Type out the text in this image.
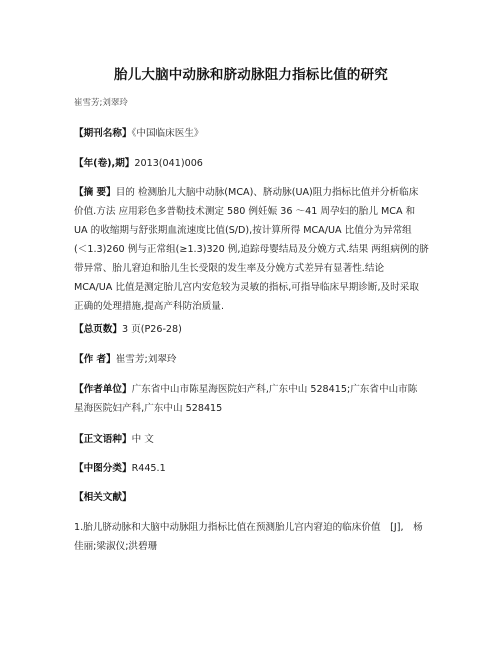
胎儿大脑中动脉和脐动脉阻力指标比值的研究
崔雪芳;刘翠玲
【期刊名称】《中国临床医生》
【年(卷),期】2013(041)006
【摘 要】目的 检测胎儿大脑中动脉(MCA)、脐动脉(UA)阻力指标比值并分析临床
价值.方法 应用彩色多普勒技术测定 580 例妊娠 36 ～41 周孕妇的胎儿 MCA 和
UA 的收缩期与舒张期血流速度比值(S/D),按计算所得 MCA/UA 比值分为异常组
(＜1.3)260 例与正常组(≥1.3)320 例,追踪母婴结局及分娩方式.结果 两组病例的脐
带异常、胎儿窘迫和胎儿生长受限的发生率及分娩方式差异有显著性.结论
MCA/UA 比值是测定胎儿宫内安危较为灵敏的指标,可指导临床早期诊断,及时采取
正确的处理措施,提高产科防治质量.
【总页数】3 页(P26-28)
【作 者】崔雪芳;刘翠玲
【作者单位】广东省中山市陈星海医院妇产科,广东中山 528415;广东省中山市陈
星海医院妇产科,广东中山 528415
【正文语种】中 文
【中图分类】R445.1
【相关文献】
1.胎儿脐动脉和大脑中动脉阻力指标比值在预测胎儿宫内窘迫的临床价值　[J],　杨
佳丽;梁淑仪;洪碧珊
